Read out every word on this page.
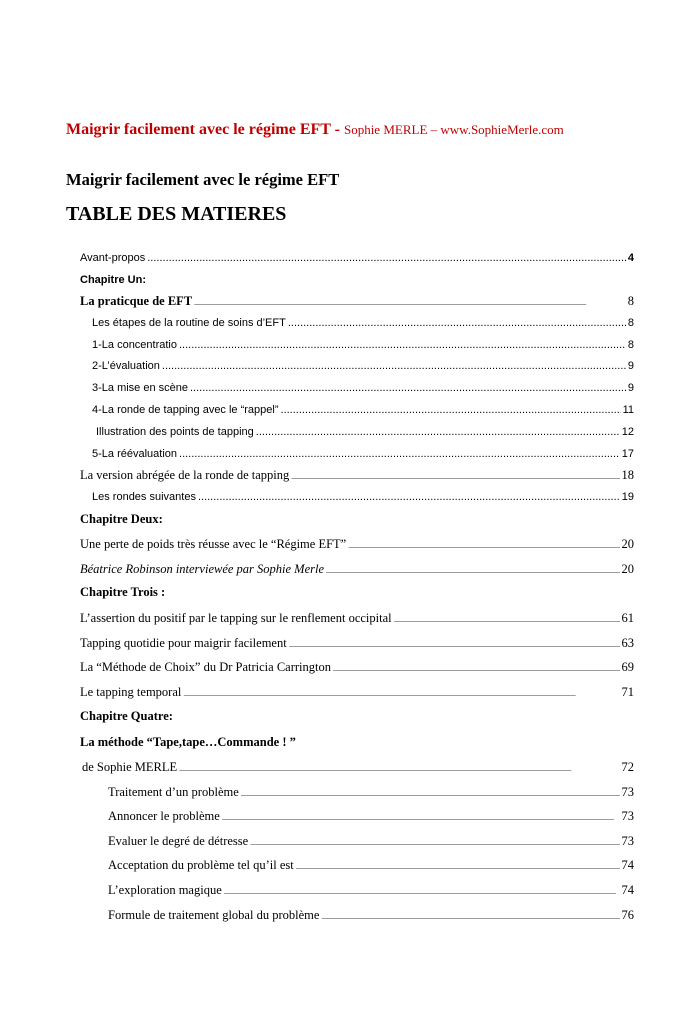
Maigrir facilement avec le régime EFT - Sophie MERLE – www.SophieMerle.com
Maigrir facilement avec le régime EFT
TABLE DES MATIERES
Avant-propos .....	4
Chapitre Un:
La praticque de EFT .....	8
Les étapes de la routine de soins d’EFT .....	8
1-La concentratio .....	8
2-L’évaluation .....	9
3-La mise en scène .....	9
4-La ronde de tapping avec le “rappel” .....	11
Illustration des points de tapping .....	12
5-La réévaluation .....	17
La version abrégée de la ronde de tapping .....	18
Les rondes suivantes .....	19
Chapitre Deux:
Une perte de poids très réusse avec le “Régime EFT” .....	20
Béatrice Robinson interviewée par Sophie Merle .....	20
Chapitre Trois :
L’assertion du positif par le tapping sur le renflement occipital .....	61
Tapping quotidie pour maigrir facilement .....	63
La “Méthode de Choix” du Dr Patricia Carrington .....	69
Le tapping temporal .....	71
Chapitre Quatre:
La méthode “Tape,tape…Commande ! ”
de Sophie MERLE .....	72
Traitement d’un problème .....	73
Annoncer le problème .....	73
Evaluer le degré de détresse .....	73
Acceptation du problème tel qu’il est .....	74
L’exploration magique .....	74
Formule de traitement global du problème .....	76
